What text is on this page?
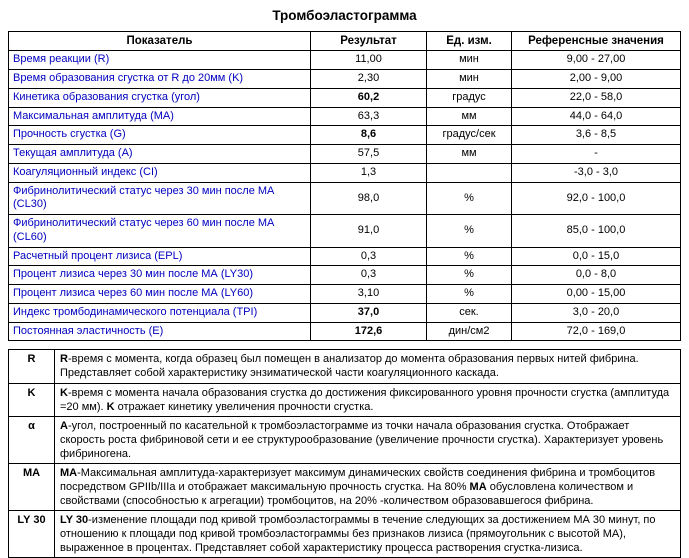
Тромбоэластограмма
Показатель	Результат	Ед. изм.	Референсные значения
Время реакции (R)	11,00	мин	9,00 - 27,00
Время образования сгустка от R до 20мм (K)	2,30	мин	2,00 - 9,00
Кинетика образования сгустка (угол)	60,2	градус	22,0 - 58,0
Максимальная амплитуда (МА)	63,3	мм	44,0 - 64,0
Прочность сгустка (G)	8,6	градус/сек	3,6 - 8,5
Текущая амплитуда (А)	57,5	мм	-
Коагуляционный индекс (CI)	1,3		-3,0 - 3,0
Фибринолитический статус через 30 мин после МА (CL30)	98,0	%	92,0 - 100,0
Фибринолитический статус через 60 мин после МА (CL60)	91,0	%	85,0 - 100,0
Расчетный процент лизиса (EPL)	0,3	%	0,0 - 15,0
Процент лизиса через 30 мин после МА (LY30)	0,3	%	0,0 - 8,0
Процент лизиса через 60 мин после МА (LY60)	3,10	%	0,00 - 15,00
Индекс тромбодинамического потенциала (TPI)	37,0	сек.	3,0 - 20,0
Постоянная эластичность (Е)	172,6	дин/см2	72,0 - 169,0
R	R-время с момента, когда образец был помещен в анализатор до момента образования первых нитей фибрина. Представляет собой характеристику энзиматической части коагуляционного каскада.
K	K-время с момента начала образования сгустка до достижения фиксированного уровня прочности сгустка (амплитуда =20 мм). K отражает кинетику увеличения прочности сгустка.
α	А-угол, построенный по касательной к тромбоэластограмме из точки начала образования сгустка. Отображает скорость роста фибриновой сети и ее структурообразование (увеличение прочности сгустка). Характеризует уровень фибриногена.
МА	МА-Максимальная амплитуда-характеризует максимум динамических свойств соединения фибрина и тромбоцитов посредством GPIIb/IIIa и отображает максимальную прочность сгустка. На 80% МА обусловлена количеством и свойствами (способностью к агрегации) тромбоцитов, на 20% -количеством образовавшегося фибрина.
LY 30	LY 30-изменение площади под кривой тромбоэластограммы в течение следующих за достижением МА 30 минут, по отношению к площади под кривой тромбоэластограммы без признаков лизиса (прямоугольник с высотой МА), выраженное в процентах. Представляет собой характеристику процесса растворения сгустка-лизиса.
